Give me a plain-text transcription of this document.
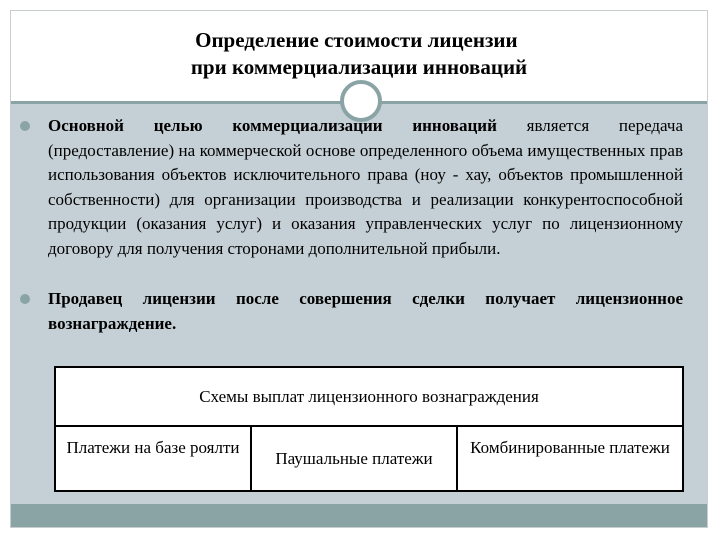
Определение стоимости лицензии
при коммерциализации инноваций
Основной целью коммерциализации инноваций является передача (предоставление) на коммерческой основе определенного объема имущественных прав использования объектов исключительного права (ноу - хау, объектов промышленной собственности) для организации производства и реализации конкурентоспособной продукции (оказания услуг) и оказания управленческих услуг по лицензионному договору для получения сторонами дополнительной прибыли.
Продавец лицензии после совершения сделки получает лицензионное вознаграждение.
Схемы выплат лицензионного вознаграждения
Платежи на базе роялти
Паушальные платежи
Комбинированные платежи
